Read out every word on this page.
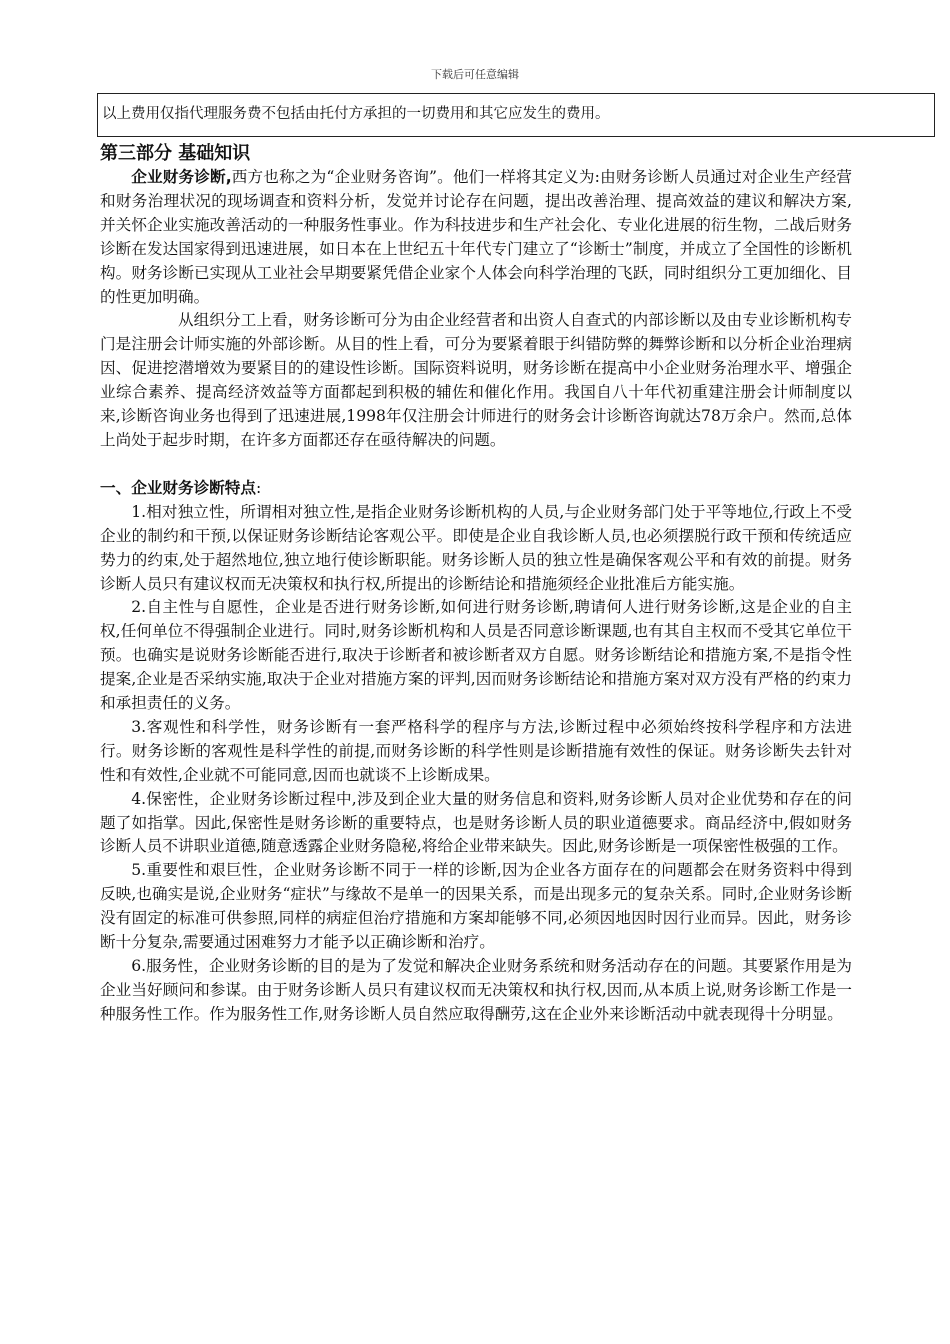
下载后可任意编辑
以上费用仅指代理服务费不包括由托付方承担的一切费用和其它应发生的费用。
第三部分 基础知识

企业财务诊断,西方也称之为“企业财务咨询”。他们一样将其定义为:由财务诊断人员通过对企业生产经营和财务治理状况的现场调查和资料分析，发觉并讨论存在问题，提出改善治理、提高效益的建议和解决方案,并关怀企业实施改善活动的一种服务性事业。作为科技进步和生产社会化、专业化进展的衍生物，二战后财务诊断在发达国家得到迅速进展，如日本在上世纪五十年代专门建立了“诊断士”制度，并成立了全国性的诊断机构。财务诊断已实现从工业社会早期要紧凭借企业家个人体会向科学治理的飞跃，同时组织分工更加细化、目的性更加明确。

从组织分工上看，财务诊断可分为由企业经营者和出资人自查式的内部诊断以及由专业诊断机构专门是注册会计师实施的外部诊断。从目的性上看，可分为要紧着眼于纠错防弊的舞弊诊断和以分析企业治理病因、促进挖潜增效为要紧目的的建设性诊断。国际资料说明，财务诊断在提高中小企业财务治理水平、增强企业综合素养、提高经济效益等方面都起到积极的辅佐和催化作用。我国自八十年代初重建注册会计师制度以来,诊断咨询业务也得到了迅速进展,1998年仅注册会计师进行的财务会计诊断咨询就达78万余户。然而,总体上尚处于起步时期，在许多方面都还存在亟待解决的问题。

一、企业财务诊断特点:

1.相对独立性，所谓相对独立性,是指企业财务诊断机构的人员,与企业财务部门处于平等地位,行政上不受企业的制约和干预,以保证财务诊断结论客观公平。即使是企业自我诊断人员,也必须摆脱行政干预和传统适应势力的约束,处于超然地位,独立地行使诊断职能。财务诊断人员的独立性是确保客观公平和有效的前提。财务诊断人员只有建议权而无决策权和执行权,所提出的诊断结论和措施须经企业批准后方能实施。

2.自主性与自愿性，企业是否进行财务诊断,如何进行财务诊断,聘请何人进行财务诊断,这是企业的自主权,任何单位不得强制企业进行。同时,财务诊断机构和人员是否同意诊断课题,也有其自主权而不受其它单位干预。也确实是说财务诊断能否进行,取决于诊断者和被诊断者双方自愿。财务诊断结论和措施方案,不是指令性提案,企业是否采纳实施,取决于企业对措施方案的评判,因而财务诊断结论和措施方案对双方没有严格的约束力和承担责任的义务。

3.客观性和科学性，财务诊断有一套严格科学的程序与方法,诊断过程中必须始终按科学程序和方法进行。财务诊断的客观性是科学性的前提,而财务诊断的科学性则是诊断措施有效性的保证。财务诊断失去针对性和有效性,企业就不可能同意,因而也就谈不上诊断成果。

4.保密性，企业财务诊断过程中,涉及到企业大量的财务信息和资料,财务诊断人员对企业优势和存在的问题了如指掌。因此,保密性是财务诊断的重要特点，也是财务诊断人员的职业道德要求。商品经济中,假如财务诊断人员不讲职业道德,随意透露企业财务隐秘,将给企业带来缺失。因此,财务诊断是一项保密性极强的工作。

5.重要性和艰巨性，企业财务诊断不同于一样的诊断,因为企业各方面存在的问题都会在财务资料中得到反映,也确实是说,企业财务“症状”与缘故不是单一的因果关系，而是出现多元的复杂关系。同时,企业财务诊断没有固定的标准可供参照,同样的病症但治疗措施和方案却能够不同,必须因地因时因行业而异。因此，财务诊断十分复杂,需要通过困难努力才能予以正确诊断和治疗。

6.服务性，企业财务诊断的目的是为了发觉和解决企业财务系统和财务活动存在的问题。其要紧作用是为企业当好顾问和参谋。由于财务诊断人员只有建议权而无决策权和执行权,因而,从本质上说,财务诊断工作是一种服务性工作。作为服务性工作,财务诊断人员自然应取得酬劳,这在企业外来诊断活动中就表现得十分明显。
